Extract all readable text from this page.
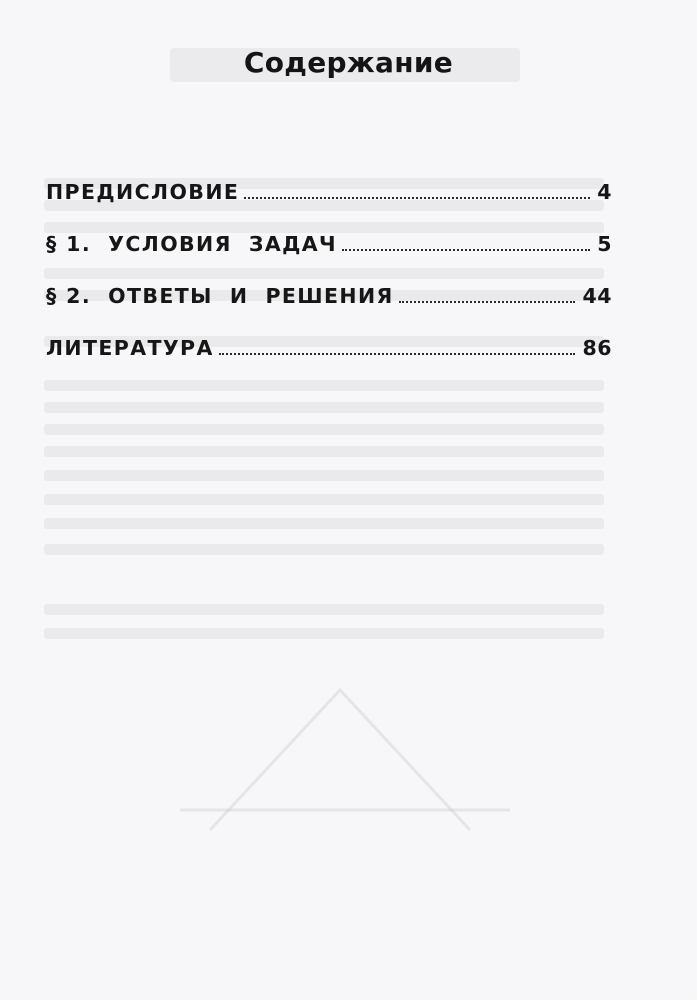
Содержание
ПРЕДИСЛОВИЕ	4
§ 1.  УСЛОВИЯ  ЗАДАЧ	5
§ 2.  ОТВЕТЫ  И  РЕШЕНИЯ	44
ЛИТЕРАТУРА	86
